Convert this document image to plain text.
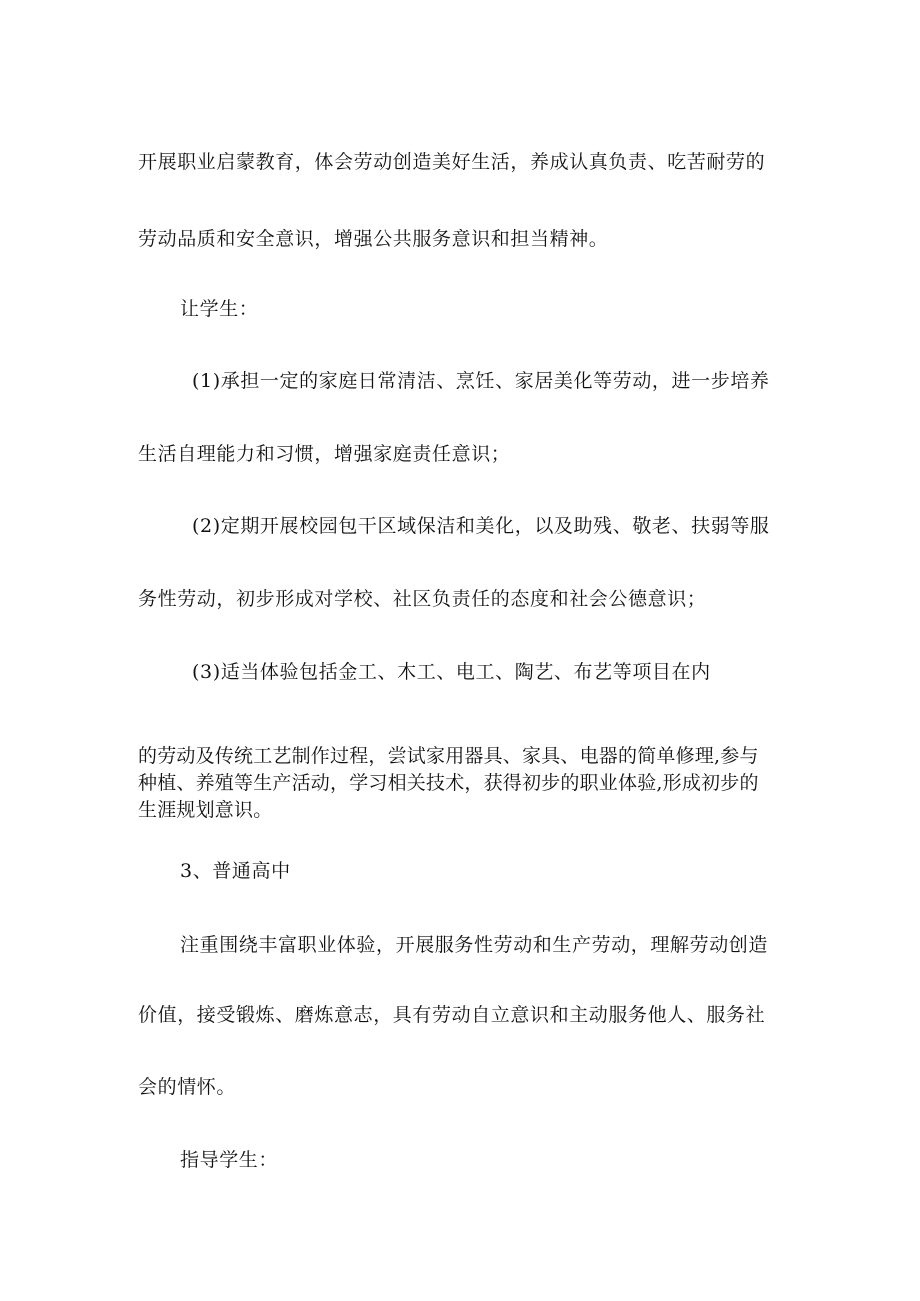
开展职业启蒙教育，体会劳动创造美好生活，养成认真负责、吃苦耐劳的
劳动品质和安全意识，增强公共服务意识和担当精神。
让学生：
(1)承担一定的家庭日常清洁、烹饪、家居美化等劳动，进一步培养
生活自理能力和习惯，增强家庭责任意识；
(2)定期开展校园包干区域保洁和美化，以及助残、敬老、扶弱等服
务性劳动，初步形成对学校、社区负责任的态度和社会公德意识；
(3)适当体验包括金工、木工、电工、陶艺、布艺等项目在内
的劳动及传统工艺制作过程，尝试家用器具、家具、电器的简单修理,参与
种植、养殖等生产活动，学习相关技术，获得初步的职业体验,形成初步的
生涯规划意识。
3、普通高中
注重围绕丰富职业体验，开展服务性劳动和生产劳动，理解劳动创造
价值，接受锻炼、磨炼意志，具有劳动自立意识和主动服务他人、服务社
会的情怀。
指导学生：
